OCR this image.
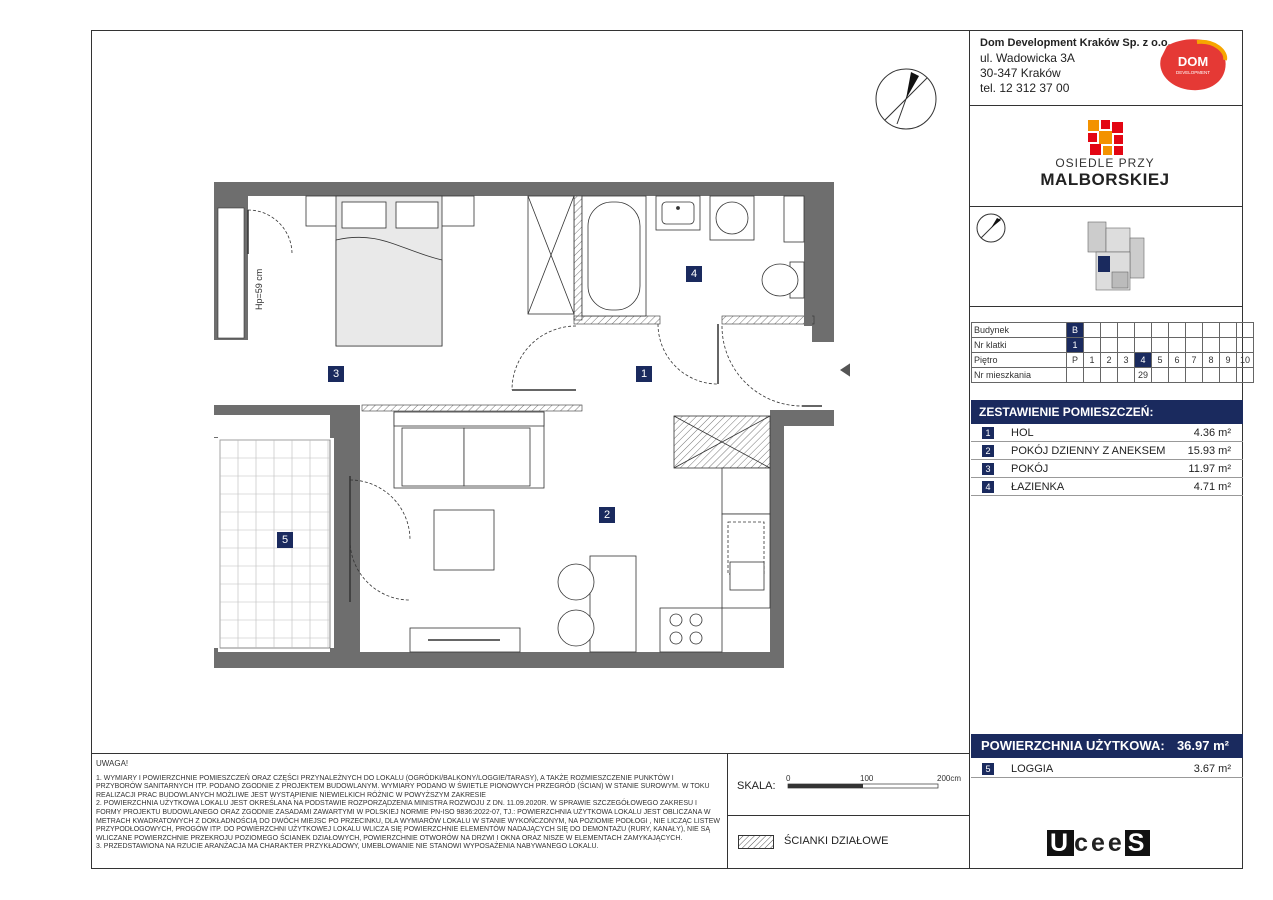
Dom Development Kraków Sp. z o.o.
ul. Wadowicka 3A
30-347 Kraków
tel. 12 312 37 00
DOM
DEVELOPMENT
OSIEDLE PRZY
MALBORSKIEJ
Budynek	B										
Nr klatki	1										
Piętro	P	1	2	3	4	5	6	7	8	9	10
Nr mieszkania					29						
ZESTAWIENIE POMIESZCZEŃ:
1	HOL	4.36 m²
2	POKÓJ DZIENNY Z ANEKSEM 15.93 m²
3	POKÓJ	11.97 m²
4	ŁAZIENKA	4.71 m²
POWIERZCHNIA UŻYTKOWA: 36.97 m²
5	LOGGIA	3.67 m²
UWAGA!
1. WYMIARY I POWIERZCHNIE POMIESZCZEŃ ORAZ CZĘŚCI PRZYNALEŻNYCH DO LOKALU (OGRÓDKI/BALKONY/LOGGIE/TARASY), A TAKŻE ROZMIESZCZENIE PUNKTÓW I PRZYBORÓW SANITARNYCH ITP. PODANO ZGODNIE Z PROJEKTEM BUDOWLANYM. WYMIARY PODANO W ŚWIETLE PIONOWYCH PRZEGRÓD (ŚCIAN) W STANIE SUROWYM. W TOKU REALIZACJI PRAC BUDOWLANYCH MOŻLIWE JEST WYSTĄPIENIE NIEWIELKICH RÓŻNIC W POWYŻSZYM ZAKRESIE
2. POWIERZCHNIA UŻYTKOWA LOKALU JEST OKREŚLANA NA PODSTAWIE ROZPORZĄDZENIA MINISTRA ROZWOJU Z DN. 11.09.2020R. W SPRAWIE SZCZEGÓŁOWEGO ZAKRESU I FORMY PROJEKTU BUDOWLANEGO ORAZ ZGODNIE ZASADAMI ZAWARTYMI W POLSKIEJ NORMIE PN-ISO 9836:2022-07, TJ.: POWIERZCHNIA UŻYTKOWA LOKALU JEST OBLICZANA W METRACH KWADRATOWYCH Z DOKŁADNOŚCIĄ DO DWÓCH MIEJSC PO PRZECINKU, DLA WYMIARÓW LOKALU W STANIE WYKOŃCZONYM, NA POZIOMIE PODŁOGI , NIE LICZĄC LISTEW PRZYPODŁOGOWYCH, PROGÓW ITP. DO POWIERZCHNI UŻYTKOWEJ LOKALU WLICZA SIĘ POWIERZCHNIE ELEMENTÓW NADAJĄCYCH SIĘ DO DEMONTAŻU (RURY, KANAŁY), NIE SĄ WLICZANE POWIERZCHNIE PRZEKROJU POZIOMEGO ŚCIANEK DZIAŁOWYCH, POWIERZCHNIE OTWORÓW NA DRZWI I OKNA ORAZ NISZE W ELEMENTACH ZAMYKAJĄCYCH.
3. PRZEDSTAWIONA NA RZUCIE ARANŻACJA MA CHARAKTER PRZYKŁADOWY, UMEBLOWANIE NIE STANOWI WYPOSAŻENIA NABYWANEGO LOKALU.
SKALA:
0	100	200cm
ŚCIANKI DZIAŁOWE	U cee S
Hp=59 cm
3	1
4
2
5
